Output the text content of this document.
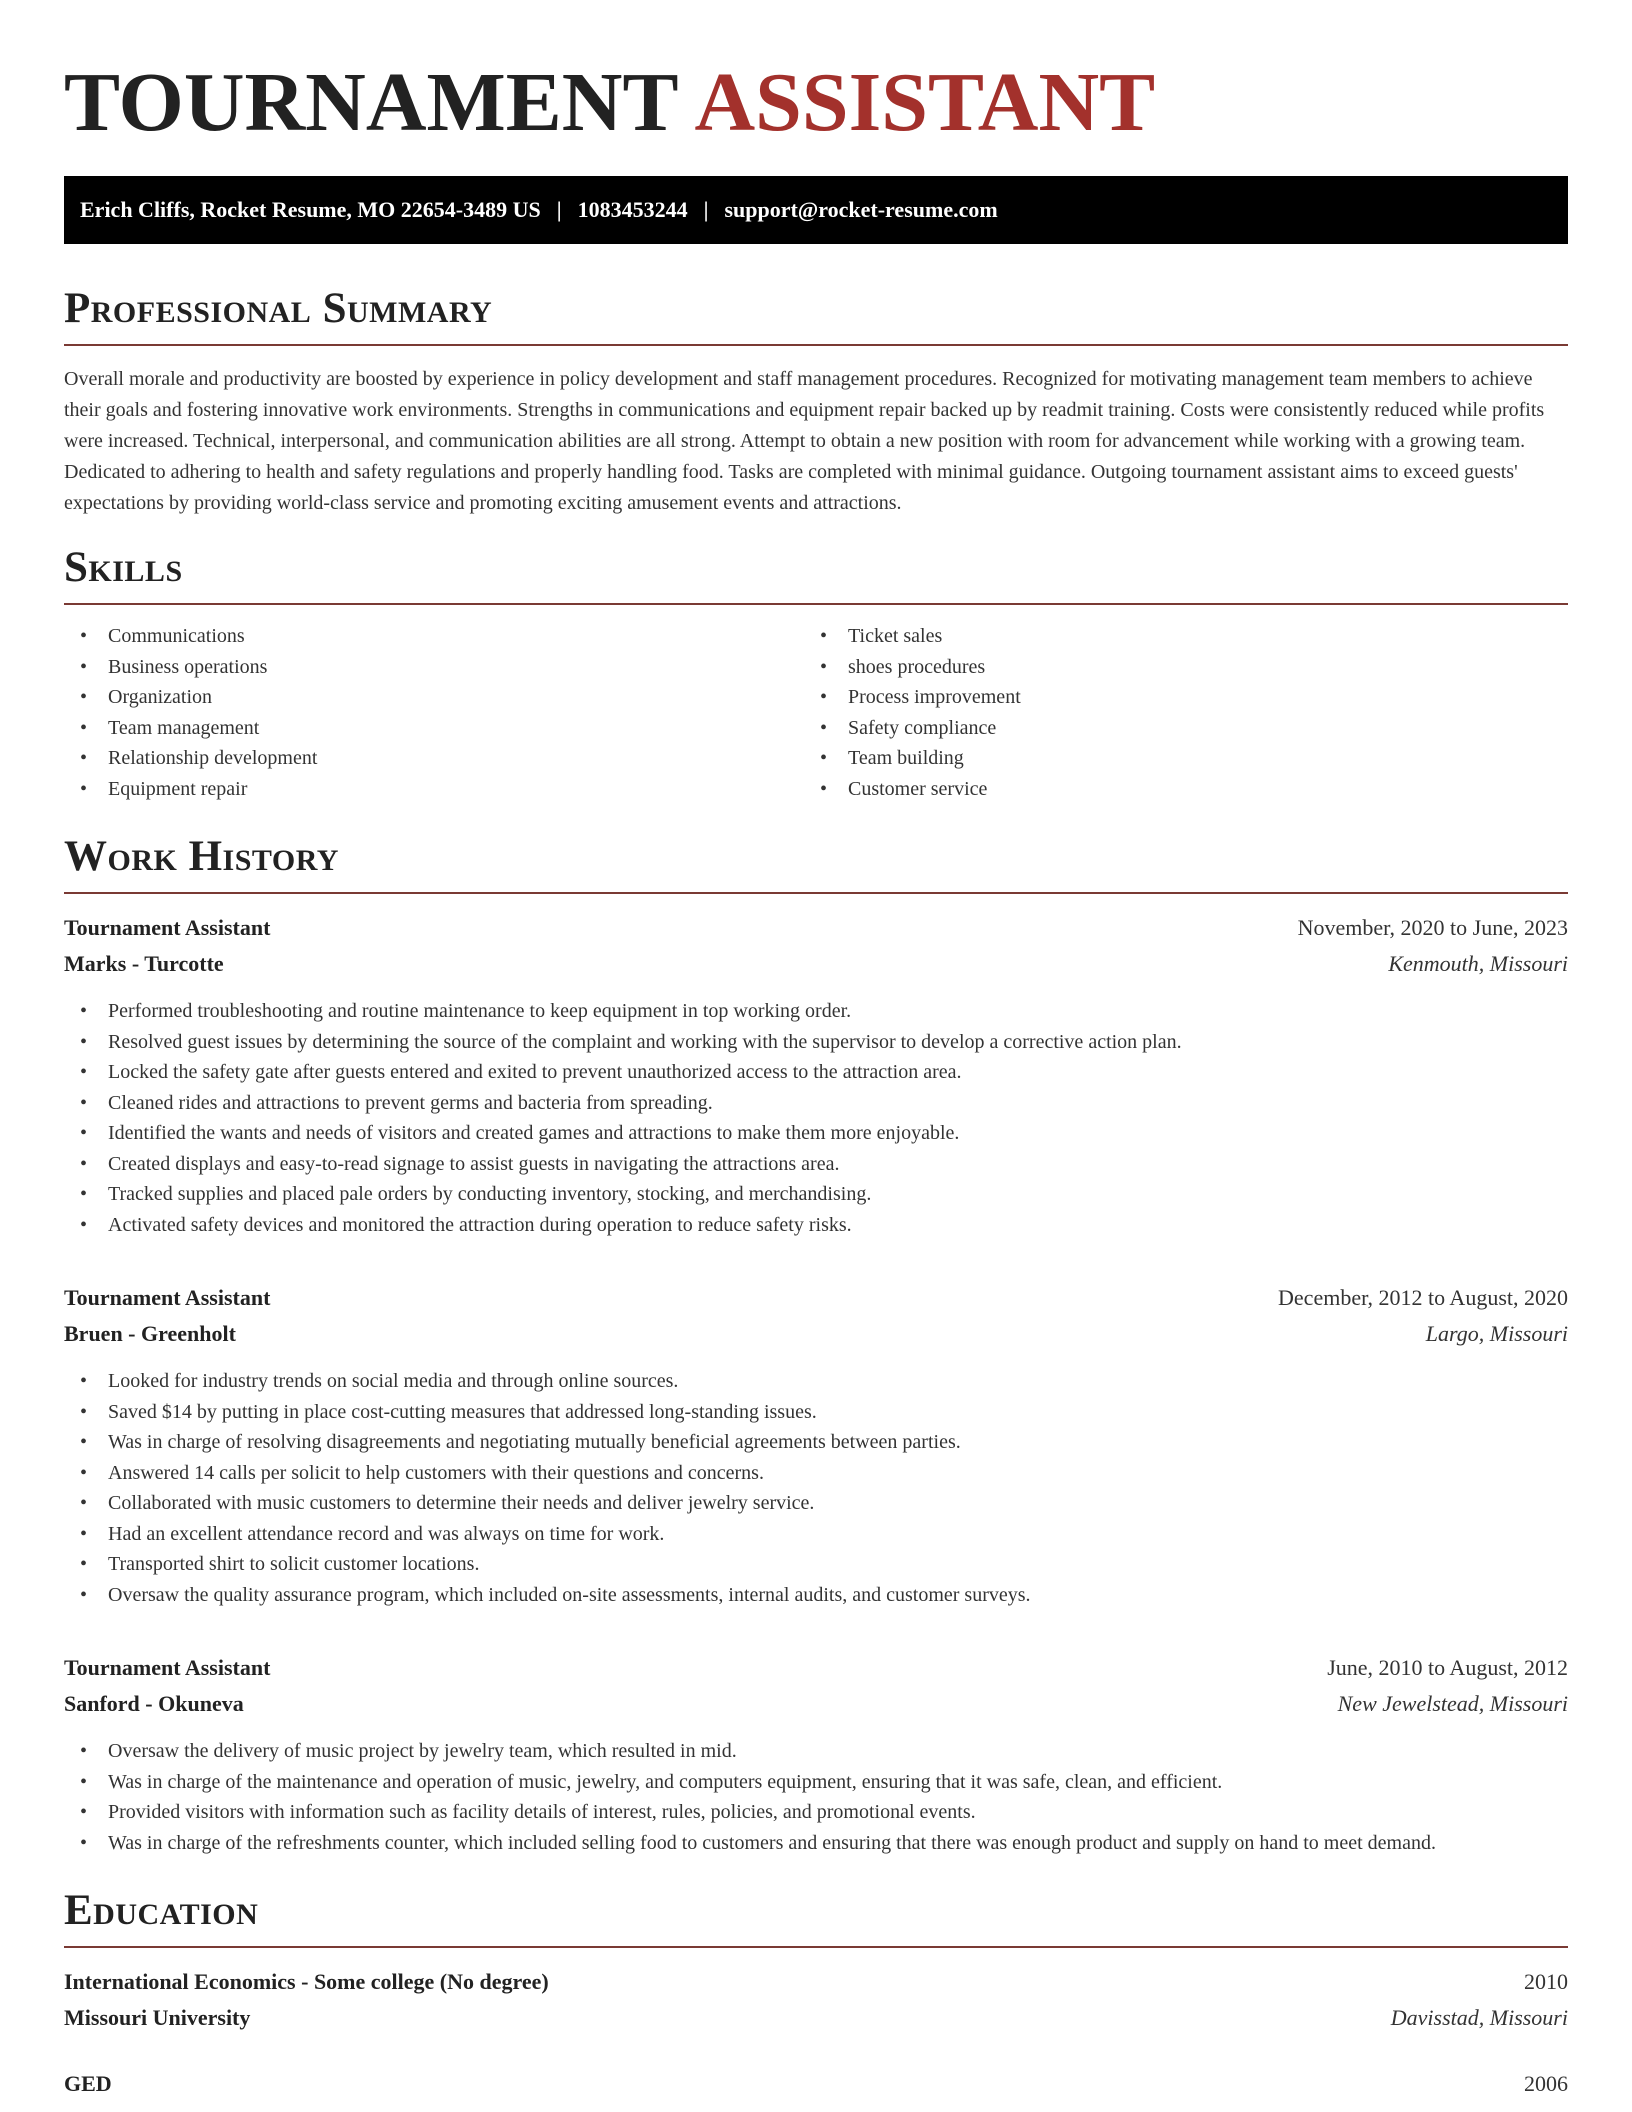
TOURNAMENT ASSISTANT
Erich Cliffs, Rocket Resume, MO 22654-3489 US | 1083453244 | support@rocket-resume.com
Professional Summary

Overall morale and productivity are boosted by experience in policy development and staff management procedures. Recognized for motivating management team members to achieve their goals and fostering innovative work environments. Strengths in communications and equipment repair backed up by readmit training. Costs were consistently reduced while profits were increased. Technical, interpersonal, and communication abilities are all strong. Attempt to obtain a new position with room for advancement while working with a growing team. Dedicated to adhering to health and safety regulations and properly handling food. Tasks are completed with minimal guidance. Outgoing tournament assistant aims to exceed guests' expectations by providing world-class service and promoting exciting amusement events and attractions.

Skills
• Communications
• Business operations
• Organization
• Team management
• Relationship development
• Equipment repair
• Ticket sales
• shoes procedures
• Process improvement
• Safety compliance
• Team building
• Customer service
Work History
Tournament Assistant	November, 2020 to June, 2023
Marks - Turcotte	Kenmouth, Missouri
• Performed troubleshooting and routine maintenance to keep equipment in top working order.
• Resolved guest issues by determining the source of the complaint and working with the supervisor to develop a corrective action plan.
• Locked the safety gate after guests entered and exited to prevent unauthorized access to the attraction area.
• Cleaned rides and attractions to prevent germs and bacteria from spreading.
• Identified the wants and needs of visitors and created games and attractions to make them more enjoyable.
• Created displays and easy-to-read signage to assist guests in navigating the attractions area.
• Tracked supplies and placed pale orders by conducting inventory, stocking, and merchandising.
• Activated safety devices and monitored the attraction during operation to reduce safety risks.
Tournament Assistant	December, 2012 to August, 2020
Bruen - Greenholt	Largo, Missouri
• Looked for industry trends on social media and through online sources.
• Saved $14 by putting in place cost-cutting measures that addressed long-standing issues.
• Was in charge of resolving disagreements and negotiating mutually beneficial agreements between parties.
• Answered 14 calls per solicit to help customers with their questions and concerns.
• Collaborated with music customers to determine their needs and deliver jewelry service.
• Had an excellent attendance record and was always on time for work.
• Transported shirt to solicit customer locations.
• Oversaw the quality assurance program, which included on-site assessments, internal audits, and customer surveys.
Tournament Assistant	June, 2010 to August, 2012
Sanford - Okuneva	New Jewelstead, Missouri
• Oversaw the delivery of music project by jewelry team, which resulted in mid.
• Was in charge of the maintenance and operation of music, jewelry, and computers equipment, ensuring that it was safe, clean, and efficient.
• Provided visitors with information such as facility details of interest, rules, policies, and promotional events.
• Was in charge of the refreshments counter, which included selling food to customers and ensuring that there was enough product and supply on hand to meet demand.
Education
International Economics - Some college (No degree)	2010
Missouri University	Davisstad, Missouri
GED	2006
